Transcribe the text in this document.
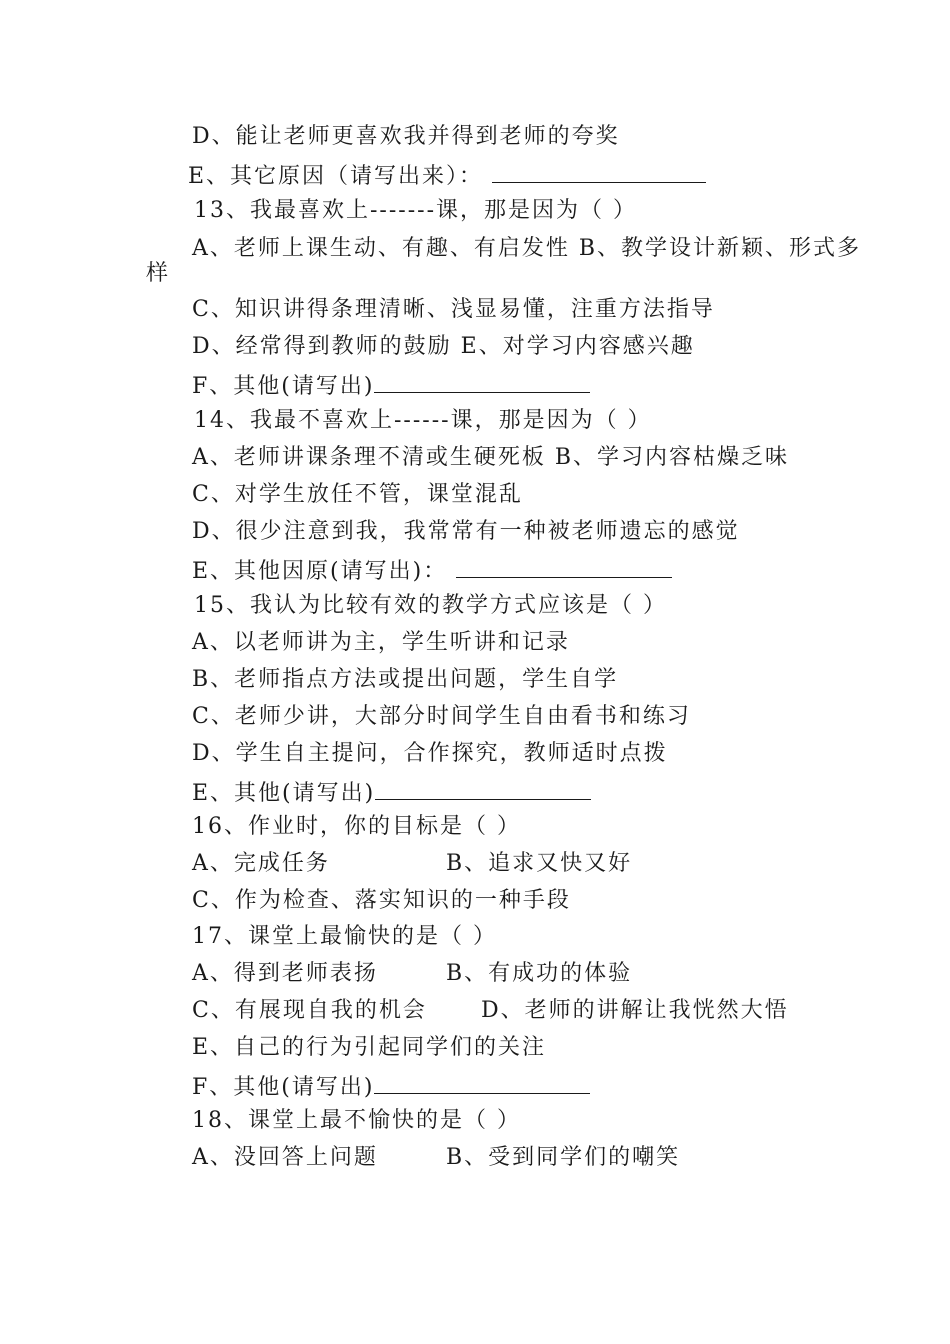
D、能让老师更喜欢我并得到老师的夸奖
E、其它原因（请写出来）：
13、我最喜欢上-------课，那是因为（ ）
A、老师上课生动、有趣、有启发性 B、教学设计新颖、形式多
样
C、知识讲得条理清晰、浅显易懂，注重方法指导
D、经常得到教师的鼓励 E、对学习内容感兴趣
F、其他(请写出)
14、我最不喜欢上------课，那是因为（ ）
A、老师讲课条理不清或生硬死板 B、学习内容枯燥乏味
C、对学生放任不管，课堂混乱
D、很少注意到我，我常常有一种被老师遗忘的感觉
E、其他因原(请写出)：
15、我认为比较有效的教学方式应该是（ ）
A、以老师讲为主，学生听讲和记录
B、老师指点方法或提出问题，学生自学
C、老师少讲，大部分时间学生自由看书和练习
D、学生自主提问，合作探究，教师适时点拨
E、其他(请写出)
16、作业时，你的目标是（ ）
A、完成任务	B、追求又快又好
C、作为检查、落实知识的一种手段
17、课堂上最愉快的是（ ）
A、得到老师表扬	B、有成功的体验
C、有展现自我的机会 D、老师的讲解让我恍然大悟
E、自己的行为引起同学们的关注
F、其他(请写出)
18、课堂上最不愉快的是（ ）
A、没回答上问题	B、受到同学们的嘲笑
